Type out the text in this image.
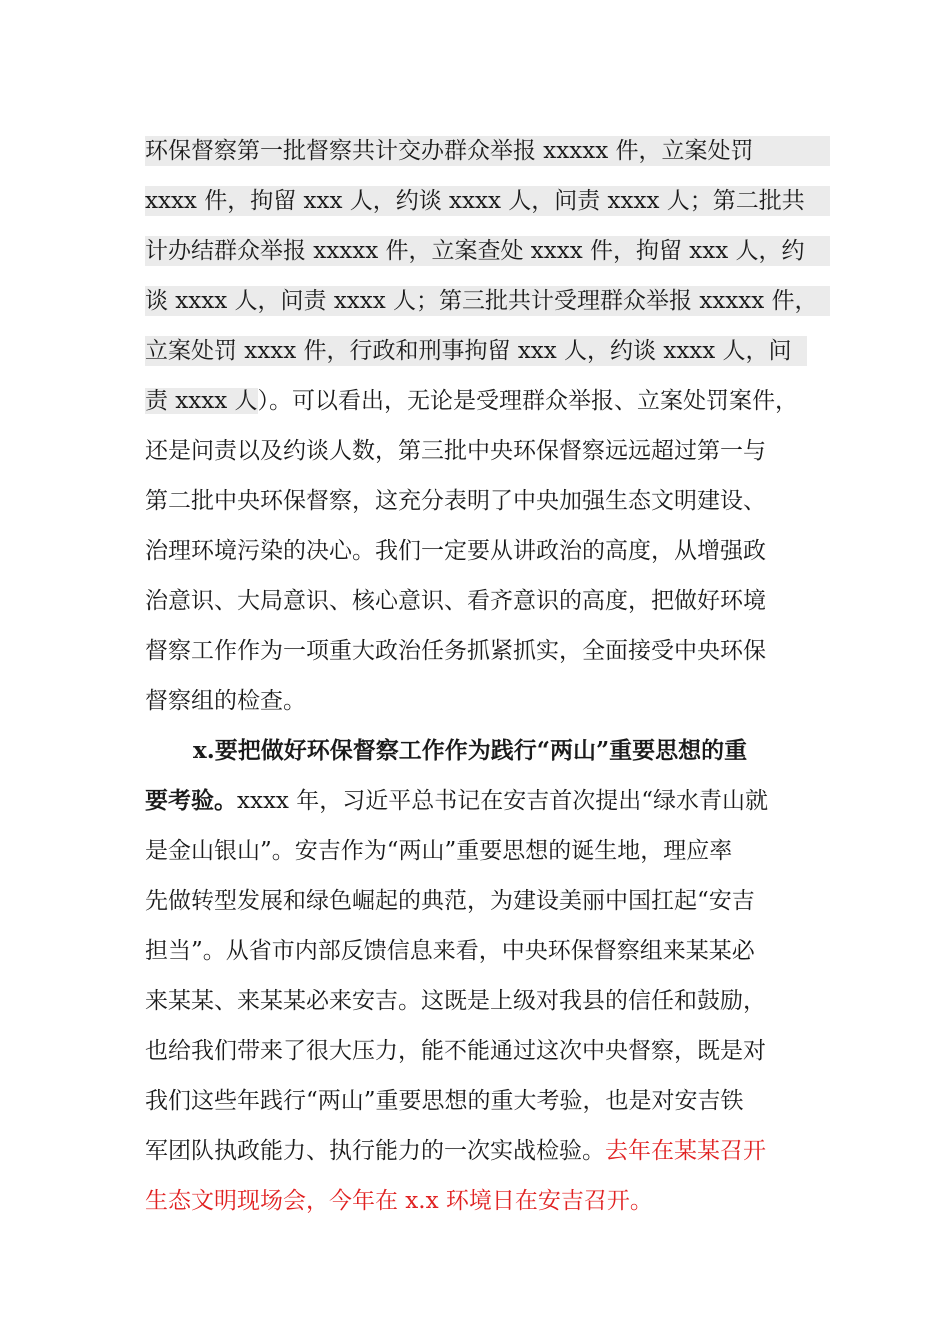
环保督察第一批督察共计交办群众举报 xxxxx 件，立案处罚
xxxx 件，拘留 xxx 人，约谈 xxxx 人，问责 xxxx 人；第二批共
计办结群众举报 xxxxx 件，立案查处 xxxx 件，拘留 xxx 人，约
谈 xxxx 人，问责 xxxx 人；第三批共计受理群众举报 xxxxx 件，
立案处罚 xxxx 件，行政和刑事拘留 xxx 人，约谈 xxxx 人，问
责 xxxx 人）。可以看出，无论是受理群众举报、立案处罚案件，
还是问责以及约谈人数，第三批中央环保督察远远超过第一与
第二批中央环保督察，这充分表明了中央加强生态文明建设、
治理环境污染的决心。我们一定要从讲政治的高度，从增强政
治意识、大局意识、核心意识、看齐意识的高度，把做好环境
督察工作作为一项重大政治任务抓紧抓实，全面接受中央环保
督察组的检查。
x.要把做好环保督察工作作为践行“两山”重要思想的重
要考验。xxxx 年，习近平总书记在安吉首次提出“绿水青山就
是金山银山”。安吉作为“两山”重要思想的诞生地，理应率
先做转型发展和绿色崛起的典范，为建设美丽中国扛起“安吉
担当”。从省市内部反馈信息来看，中央环保督察组来某某必
来某某、来某某必来安吉。这既是上级对我县的信任和鼓励，
也给我们带来了很大压力，能不能通过这次中央督察，既是对
我们这些年践行“两山”重要思想的重大考验，也是对安吉铁
军团队执政能力、执行能力的一次实战检验。去年在某某召开
生态文明现场会，今年在 x.x 环境日在安吉召开。
